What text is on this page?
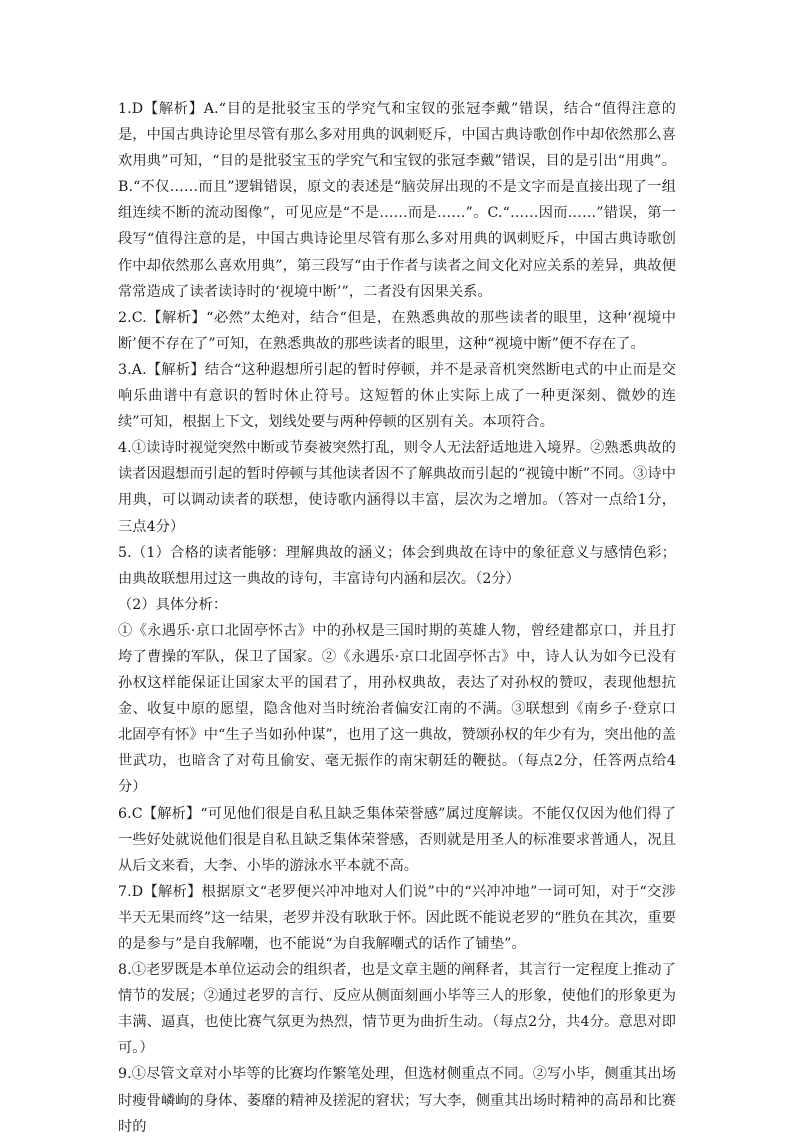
1.D【解析】A.“目的是批驳宝玉的学究气和宝钗的张冠李戴”错误，结合“值得注意的是，中国古典诗论里尽管有那么多对用典的讽刺贬斥，中国古典诗歌创作中却依然那么喜欢用典”可知，“目的是批驳宝玉的学究气和宝钗的张冠李戴”错误，目的是引出“用典”。B.“不仅……而且”逻辑错误，原文的表述是“脑荧屏出现的不是文字而是直接出现了一组组连续不断的流动图像”，可见应是“不是……而是……”。C.“……因而……”错误，第一段写“值得注意的是，中国古典诗论里尽管有那么多对用典的讽刺贬斥，中国古典诗歌创作中却依然那么喜欢用典”，第三段写“由于作者与读者之间文化对应关系的差异，典故便常常造成了读者读诗时的‘视境中断’”，二者没有因果关系。

2.C.【解析】“必然”太绝对，结合“但是，在熟悉典故的那些读者的眼里，这种‘视境中断’便不存在了”可知，在熟悉典故的那些读者的眼里，这种“视境中断”便不存在了。

3.A.【解析】结合“这种遐想所引起的暂时停顿，并不是录音机突然断电式的中止而是交响乐曲谱中有意识的暂时休止符号。这短暂的休止实际上成了一种更深刻、微妙的连续”可知，根据上下文，划线处要与两种停顿的区别有关。本项符合。

4.①读诗时视觉突然中断或节奏被突然打乱，则令人无法舒适地进入境界。②熟悉典故的读者因遐想而引起的暂时停顿与其他读者因不了解典故而引起的“视镜中断”不同。③诗中用典，可以调动读者的联想，使诗歌内涵得以丰富，层次为之增加。（答对一点给1分，三点4分）

5.（1）合格的读者能够：理解典故的涵义；体会到典故在诗中的象征意义与感情色彩；由典故联想用过这一典故的诗句，丰富诗句内涵和层次。（2分）

（2）具体分析：

①《永遇乐·京口北固亭怀古》中的孙权是三国时期的英雄人物，曾经建都京口，并且打垮了曹操的军队，保卫了国家。②《永遇乐·京口北固亭怀古》中，诗人认为如今已没有孙权这样能保证让国家太平的国君了，用孙权典故，表达了对孙权的赞叹，表现他想抗金、收复中原的愿望，隐含他对当时统治者偏安江南的不满。③联想到《南乡子·登京口北固亭有怀》中“生子当如孙仲谋”，也用了这一典故，赞颂孙权的年少有为，突出他的盖世武功，也暗含了对苟且偷安、毫无振作的南宋朝廷的鞭挞。（每点2分，任答两点给4分）

6.C【解析】“可见他们很是自私且缺乏集体荣誉感”属过度解读。不能仅仅因为他们得了一些好处就说他们很是自私且缺乏集体荣誉感，否则就是用圣人的标准要求普通人，况且从后文来看，大李、小毕的游泳水平本就不高。

7.D【解析】根据原文“老罗便兴冲冲地对人们说”中的“兴冲冲地”一词可知，对于“交涉半天无果而终”这一结果，老罗并没有耿耿于怀。因此既不能说老罗的“胜负在其次，重要的是参与”是自我解嘲，也不能说“为自我解嘲式的话作了铺垫”。

8.①老罗既是本单位运动会的组织者，也是文章主题的阐释者，其言行一定程度上推动了情节的发展；②通过老罗的言行、反应从侧面刻画小毕等三人的形象，使他们的形象更为丰满、逼真，也使比赛气氛更为热烈，情节更为曲折生动。（每点2分，共4分。意思对即可。）

9.①尽管文章对小毕等的比赛均作繁笔处理，但选材侧重点不同。②写小毕，侧重其出场时瘦骨嶙峋的身体、萎靡的精神及搓泥的窘状；写大李，侧重其出场时精神的高昂和比赛时的
